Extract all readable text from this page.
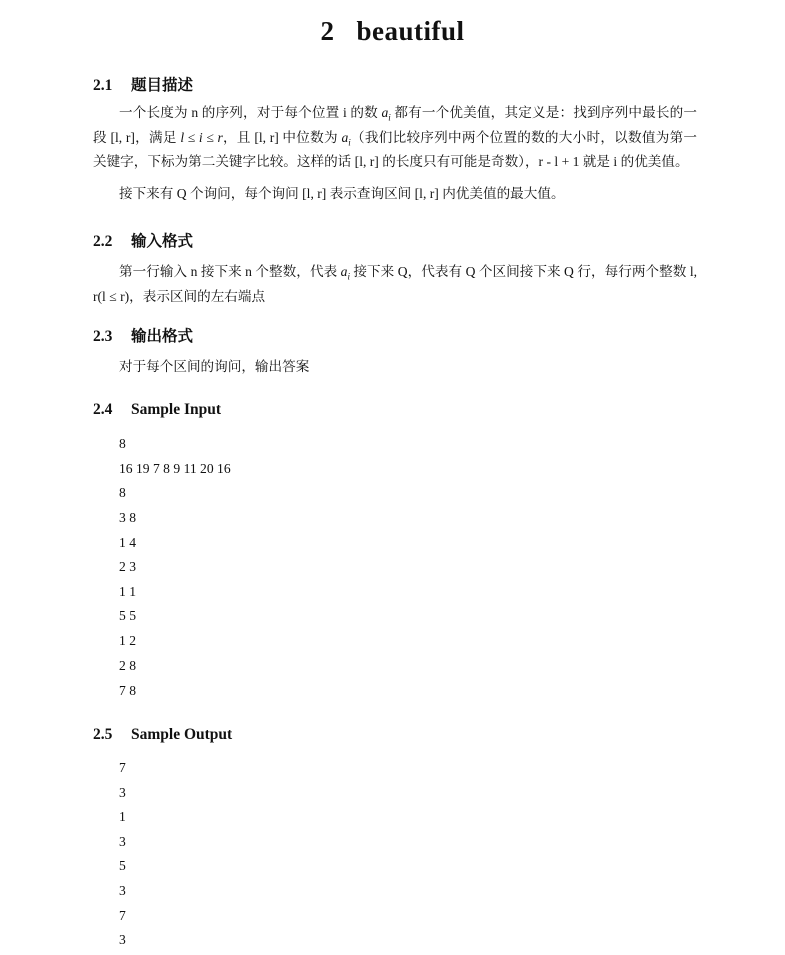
2 beautiful
2.1 题目描述
一个长度为 n 的序列，对于每个位置 i 的数 $a_i$ 都有一个优美值，其定义是：找到序列中最长的一段 [l, r]，满足 l ≤ i ≤ r，且 [l, r] 中位数为 $a_i$（我们比较序列中两个位置的数的大小时，以数值为第一关键字，下标为第二关键字比较。这样的话 [l, r] 的长度只有可能是奇数），r - l + 1 就是 i 的优美值。
接下来有 Q 个询问，每个询问 [l, r] 表示查询区间 [l, r] 内优美值的最大值。
2.2 输入格式
第一行输入 n 接下来 n 个整数，代表 $a_i$ 接下来 Q，代表有 Q 个区间接下来 Q 行，每行两个整数 l, r(l ≤ r)，表示区间的左右端点
2.3 输出格式
对于每个区间的询问，输出答案
2.4 Sample Input
8
16 19 7 8 9 11 20 16
8
3 8
1 4
2 3
1 1
5 5
1 2
2 8
7 8
2.5 Sample Output
7
3
1
3
5
3
7
3
